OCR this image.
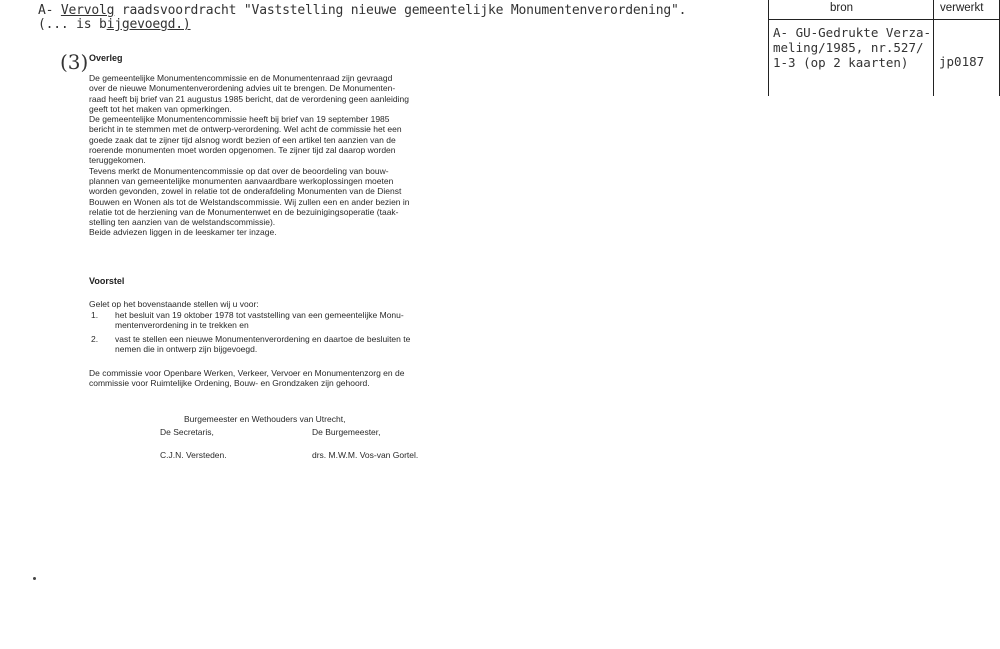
A- Vervolg raadsvoordracht "Vaststelling nieuwe gemeentelijke Monumentenverordening".
(... is bijgevoegd.)
bron	verwerkt
A- GU-Gedrukte Verza-
meling/1985, nr.527/
1-3 (op 2 kaarten)	jp0187
(3) Overleg
De gemeentelijke Monumentencommissie en de Monumentenraad zijn gevraagd
over de nieuwe Monumentenverordening advies uit te brengen. De Monumenten-
raad heeft bij brief van 21 augustus 1985 bericht, dat de verordening geen aanleiding
geeft tot het maken van opmerkingen.
De gemeentelijke Monumentencommissie heeft bij brief van 19 september 1985
bericht in te stemmen met de ontwerp-verordening. Wel acht de commissie het een
goede zaak dat te zijner tijd alsnog wordt bezien of een artikel ten aanzien van de
roerende monumenten moet worden opgenomen. Te zijner tijd zal daarop worden
teruggekomen.
Tevens merkt de Monumentencommissie op dat over de beoordeling van bouw-
plannen van gemeentelijke monumenten aanvaardbare werkoplossingen moeten
worden gevonden, zowel in relatie tot de onderafdeling Monumenten van de Dienst
Bouwen en Wonen als tot de Welstandscommissie. Wij zullen een en ander bezien in
relatie tot de herziening van de Monumentenwet en de bezuinigingsoperatie (taak-
stelling ten aanzien van de welstandscommissie).
Beide adviezen liggen in de leeskamer ter inzage.
Voorstel
Gelet op het bovenstaande stellen wij u voor:
1. het besluit van 19 oktober 1978 tot vaststelling van een gemeentelijke Monu-
mentenverordening in te trekken en
2. vast te stellen een nieuwe Monumentenverordening en daartoe de besluiten te
nemen die in ontwerp zijn bijgevoegd.
De commissie voor Openbare Werken, Verkeer, Vervoer en Monumentenzorg en de
commissie voor Ruimtelijke Ordening, Bouw- en Grondzaken zijn gehoord.
Burgemeester en Wethouders van Utrecht,
De Secretaris,	De Burgemeester,
C.J.N. Versteden.	drs. M.W.M. Vos-van Gortel.
